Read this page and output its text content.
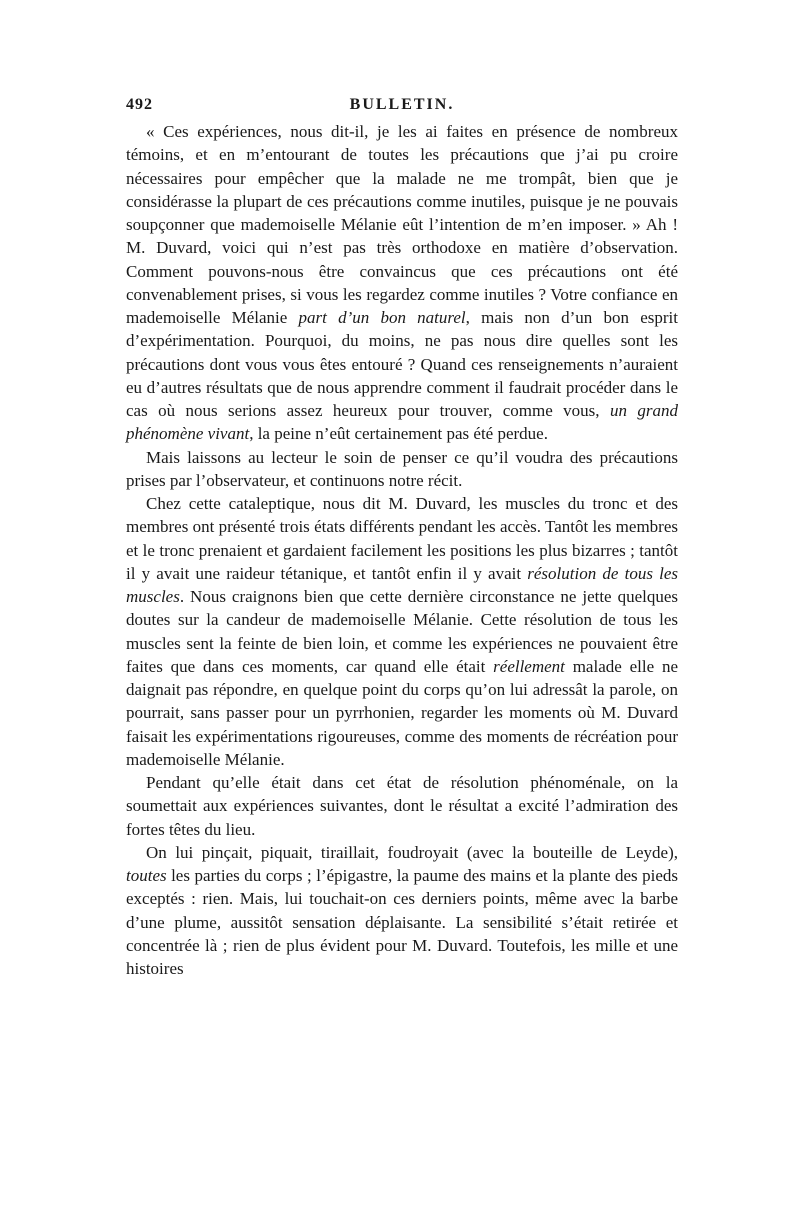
492	BULLETIN.

« Ces expériences, nous dit-il, je les ai faites en présence de nombreux témoins, et en m’entourant de toutes les précautions que j’ai pu croire nécessaires pour empêcher que la malade ne me trompât, bien que je considérasse la plupart de ces précautions comme inutiles, puisque je ne pouvais soupçonner que mademoiselle Mélanie eût l’intention de m’en imposer. » Ah ! M. Duvard, voici qui n’est pas très orthodoxe en matière d’observation. Comment pouvons-nous être convaincus que ces précautions ont été convenablement prises, si vous les regardez comme inutiles ? Votre confiance en mademoiselle Mélanie part d’un bon naturel, mais non d’un bon esprit d’expérimentation. Pourquoi, du moins, ne pas nous dire quelles sont les précautions dont vous vous êtes entouré ? Quand ces renseignements n’auraient eu d’autres résultats que de nous apprendre comment il faudrait procéder dans le cas où nous serions assez heureux pour trouver, comme vous, un grand phénomène vivant, la peine n’eût certainement pas été perdue.

Mais laissons au lecteur le soin de penser ce qu’il voudra des précautions prises par l’observateur, et continuons notre récit.

Chez cette cataleptique, nous dit M. Duvard, les muscles du tronc et des membres ont présenté trois états différents pendant les accès. Tantôt les membres et le tronc prenaient et gardaient facilement les positions les plus bizarres ; tantôt il y avait une raideur tétanique, et tantôt enfin il y avait résolution de tous les muscles. Nous craignons bien que cette dernière circonstance ne jette quelques doutes sur la candeur de mademoiselle Mélanie. Cette résolution de tous les muscles sent la feinte de bien loin, et comme les expériences ne pouvaient être faites que dans ces moments, car quand elle était réellement malade elle ne daignait pas répondre, en quelque point du corps qu’on lui adressât la parole, on pourrait, sans passer pour un pyrrhonien, regarder les moments où M. Duvard faisait les expérimentations rigoureuses, comme des moments de récréation pour mademoiselle Mélanie.

Pendant qu’elle était dans cet état de résolution phénoménale, on la soumettait aux expériences suivantes, dont le résultat a excité l’admiration des fortes têtes du lieu.

On lui pinçait, piquait, tiraillait, foudroyait (avec la bouteille de Leyde), toutes les parties du corps ; l’épigastre, la paume des mains et la plante des pieds exceptés : rien. Mais, lui touchait-on ces derniers points, même avec la barbe d’une plume, aussitôt sensation déplaisante. La sensibilité s’était retirée et concentrée là ; rien de plus évident pour M. Duvard. Toutefois, les mille et une histoires
